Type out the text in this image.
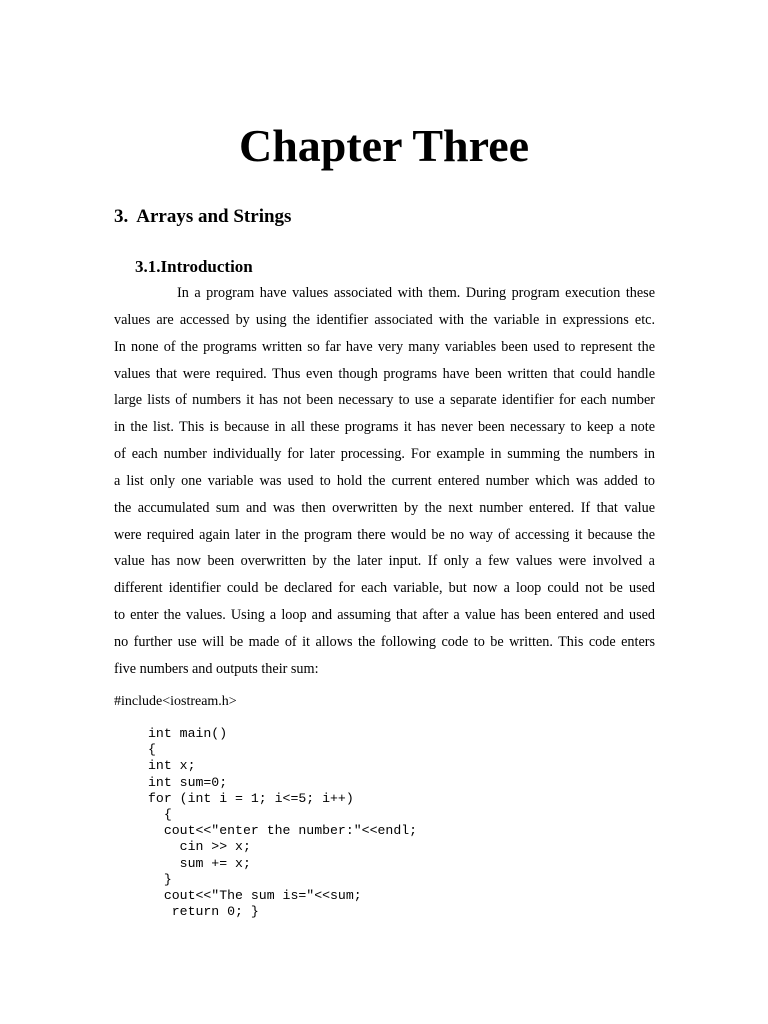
Chapter Three
3. Arrays and Strings
3.1.Introduction
In a program have values associated with them. During program execution these
values are accessed by using the identifier associated with the variable in expressions etc.
In none of the programs written so far have very many variables been used to represent the
values that were required. Thus even though programs have been written that could handle
large lists of numbers it has not been necessary to use a separate identifier for each number
in the list. This is because in all these programs it has never been necessary to keep a note
of each number individually for later processing. For example in summing the numbers in
a list only one variable was used to hold the current entered number which was added to
the accumulated sum and was then overwritten by the next number entered. If that value
were required again later in the program there would be no way of accessing it because the
value has now been overwritten by the later input. If only a few values were involved a
different identifier could be declared for each variable, but now a loop could not be used
to enter the values. Using a loop and assuming that after a value has been entered and used
no further use will be made of it allows the following code to be written. This code enters
five numbers and outputs their sum:

#include<iostream.h>

int main()
{
int x;
int sum=0;
for (int i = 1; i<=5; i++)
{
cout<<"enter the number:"<<endl;
cin >> x;
sum += x;
}
cout<<"The sum is="<<sum;
return 0; }
